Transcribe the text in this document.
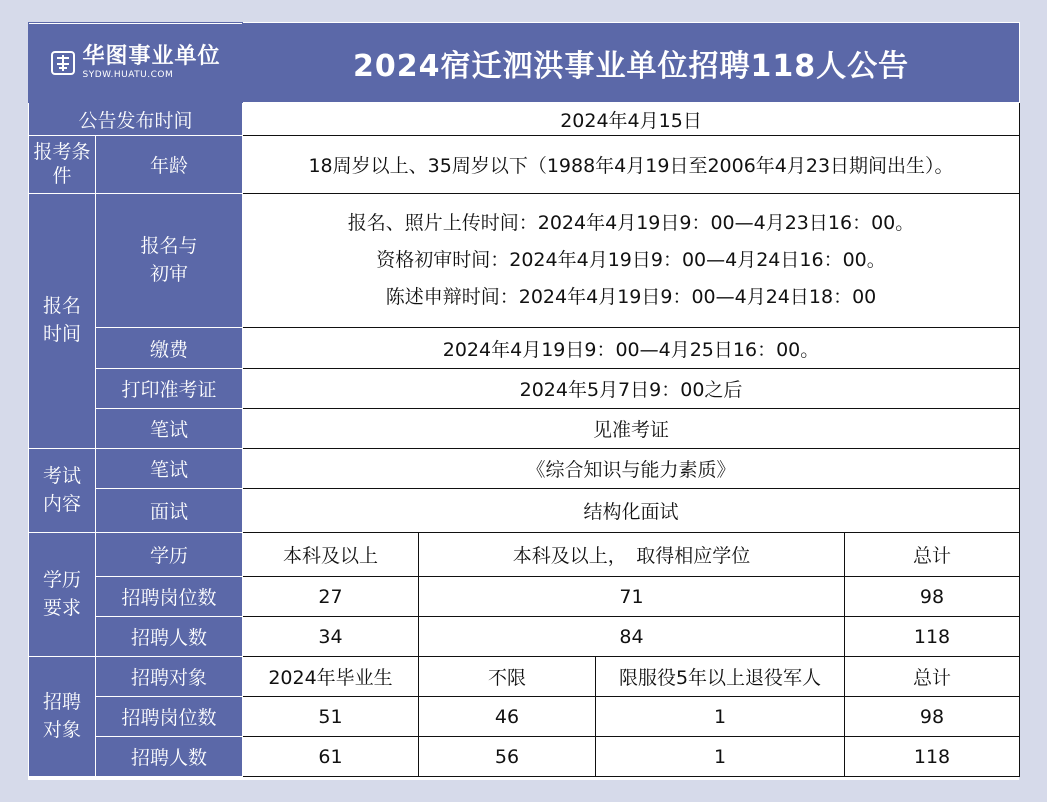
华图事业单位
SYDW.HUATU.COM		2024宿迁泗洪事业单位招聘118人公告			
公告发布时间		2024年4月15日			
报考条件	年龄	18周岁以上、35周岁以下（1988年4月19日至2006年4月23日期间出生）。			
报名时间	报名与初审	报名、照片上传时间：2024年4月19日9：00—4月23日16：00。
资格初审时间：2024年4月19日9：00—4月24日16：00。
陈述申辩时间：2024年4月19日9：00—4月24日18：00			

	缴费	2024年4月19日9：00—4月25日16：00。			
	打印准考证	2024年5月7日9：00之后			
	笔试	见准考证			
考试内容	笔试	《综合知识与能力素质》			
	面试	结构化面试			
学历要求	学历	本科及以上	本科及以上，　取得相应学位		总计
	招聘岗位数	27	71		98
	招聘人数	34	84		118
招聘对象	招聘对象	2024年毕业生	不限	限服役5年以上退役军人	总计
	招聘岗位数	51	46	1	98
	招聘人数	61	56	1	118
